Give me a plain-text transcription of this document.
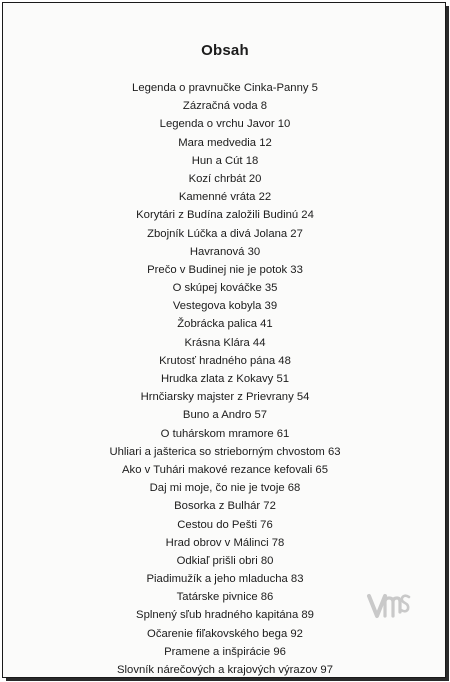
Obsah
Legenda o pravnučke Cinka-Panny 5
Zázračná voda 8
Legenda o vrchu Javor 10
Mara medvedia 12
Hun a Cút 18
Kozí chrbát 20
Kamenné vráta 22
Korytári z Budína založili Budinú 24
Zbojník Lúčka a divá Jolana 27
Havranová 30
Prečo v Budinej nie je potok 33
O skúpej kováčke 35
Vestegova kobyla 39
Žobrácka palica 41
Krásna Klára 44
Krutosť hradného pána 48
Hrudka zlata z Kokavy 51
Hrnčiarsky majster z Prievrany 54
Buno a Andro 57
O tuhárskom mramore 61
Uhliari a jašterica so strieborným chvostom 63
Ako v Tuhári makové rezance kefovali 65
Daj mi moje, čo nie je tvoje 68
Bosorka z Bulhár 72
Cestou do Pešti 76
Hrad obrov v Málinci 78
Odkiaľ prišli obri 80
Piadimužík a jeho mladucha 83
Tatárske pivnice 86
Splnený sľub hradného kapitána 89
Očarenie fiľakovského bega 92
Pramene a inšpirácie 96
Slovník nárečových a krajových výrazov 97
